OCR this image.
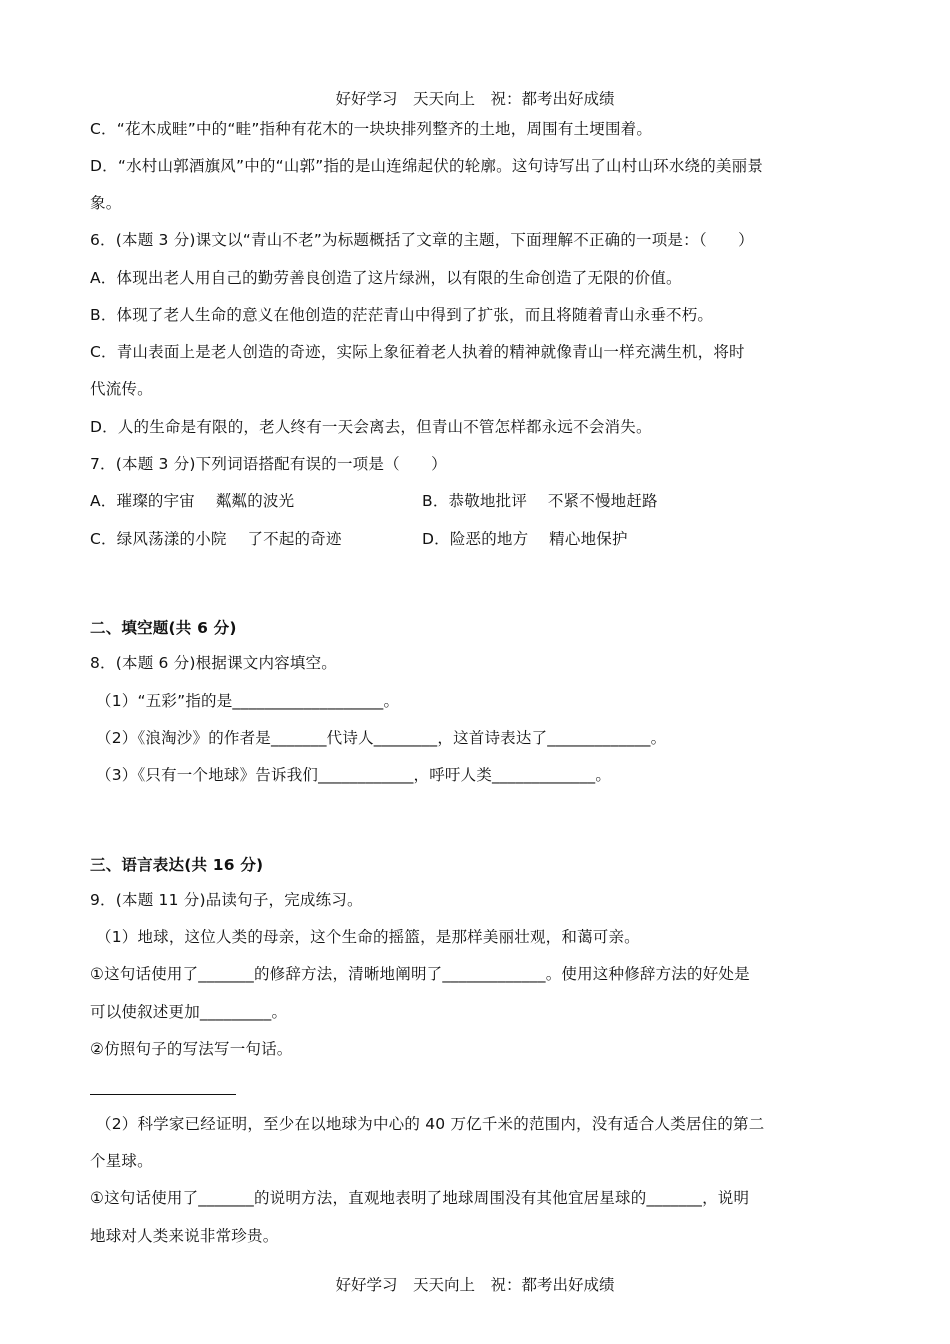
好好学习　天天向上　祝：都考出好成绩
C．“花木成畦”中的“畦”指种有花木的一块块排列整齐的土地，周围有土埂围着。
D．“水村山郭酒旗风”中的“山郭”指的是山连绵起伏的轮廓。这句诗写出了山村山环水绕的美丽景
象。
6．(本题 3 分)课文以“青山不老”为标题概括了文章的主题，下面理解不正确的一项是：（　　）
A．体现出老人用自己的勤劳善良创造了这片绿洲，以有限的生命创造了无限的价值。
B．体现了老人生命的意义在他创造的茫茫青山中得到了扩张，而且将随着青山永垂不朽。
C．青山表面上是老人创造的奇迹，实际上象征着老人执着的精神就像青山一样充满生机，将时
代流传。
D．人的生命是有限的，老人终有一天会离去，但青山不管怎样都永远不会消失。
7．(本题 3 分)下列词语搭配有误的一项是（　　）
A．璀璨的宇宙　 粼粼的波光	B．恭敬地批评　 不紧不慢地赶路
C．绿风荡漾的小院　 了不起的奇迹	D．险恶的地方　 精心地保护
二、填空题(共 6 分)
8．(本题 6 分)根据课文内容填空。
（1）“五彩”指的是___________________。
（2）《浪淘沙》的作者是_______代诗人________，这首诗表达了_____________。
（3）《只有一个地球》告诉我们____________，呼吁人类_____________。
三、语言表达(共 16 分)
9．(本题 11 分)品读句子，完成练习。
（1）地球，这位人类的母亲，这个生命的摇篮，是那样美丽壮观，和蔼可亲。
①这句话使用了_______的修辞方法，清晰地阐明了_____________。使用这种修辞方法的好处是
可以使叙述更加_________。
②仿照句子的写法写一句话。
（2）科学家已经证明，至少在以地球为中心的 40 万亿千米的范围内，没有适合人类居住的第二
个星球。
①这句话使用了_______的说明方法，直观地表明了地球周围没有其他宜居星球的_______，说明
地球对人类来说非常珍贵。
好好学习　天天向上　祝：都考出好成绩
